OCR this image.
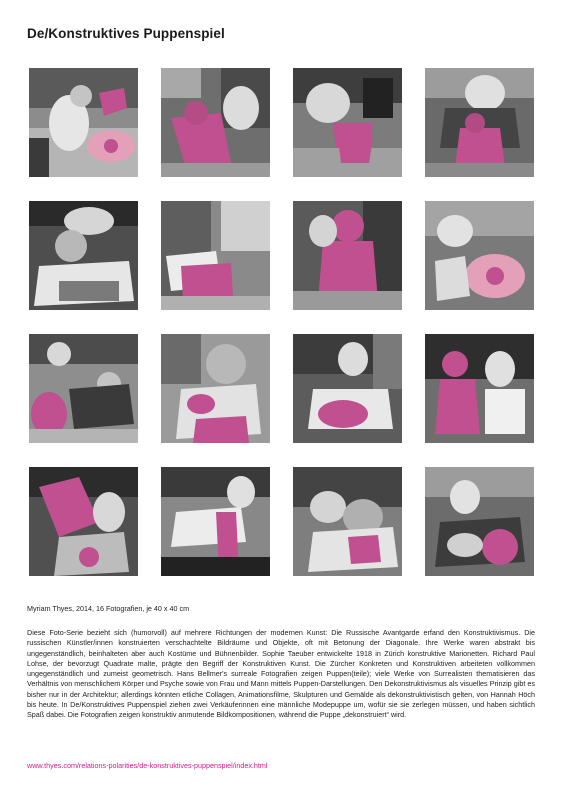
De/Konstruktives Puppenspiel

Myriam Thyes, 2014, 16 Fotografien, je 40 x 40 cm

Diese Foto-Serie bezieht sich (humorvoll) auf mehrere Richtungen der modernen Kunst: Die Russische Avantgarde erfand den Konstruktivismus. Die russischen Künstler/innen konstruierten verschachtelte Bildräume und Objekte, oft mit Betonung der Diagonale. Ihre Werke waren abstrakt bis ungegenständlich, beinhalteten aber auch Kostüme und Bühnenbilder. Sophie Taeuber entwickelte 1918 in Zürich konstruktive Marionetten. Richard Paul Lohse, der bevorzugt Quadrate malte, prägte den Begriff der Konstruktiven Kunst. Die Zürcher Konkreten und Konstruktiven arbeiteten vollkommen ungegenständlich und zumeist geometrisch. Hans Bellmer's surreale Fotografien zeigen Puppen(teile); viele Werke von Surrealisten thematisieren das Verhältnis von menschlichem Körper und Psyche sowie von Frau und Mann mittels Puppen-Darstellungen. Den Dekonstruktivismus als visuelles Prinzip gibt es bisher nur in der Architektur; allerdings könnten etliche Collagen, Animationsfilme, Skulpturen und Gemälde als dekonstruktivistisch gelten, von Hannah Höch bis heute. In De/Konstruktives Puppenspiel ziehen zwei Verkäuferinnen eine männliche Modepuppe um, wofür sie sie zerlegen müssen, und haben sichtlich Spaß dabei. Die Fotografien zeigen konstruktiv anmutende Bildkompositionen, während die Puppe „dekonstruiert“ wird.

www.thyes.com/relations-polarities/de-konstruktives-puppenspiel/index.html
